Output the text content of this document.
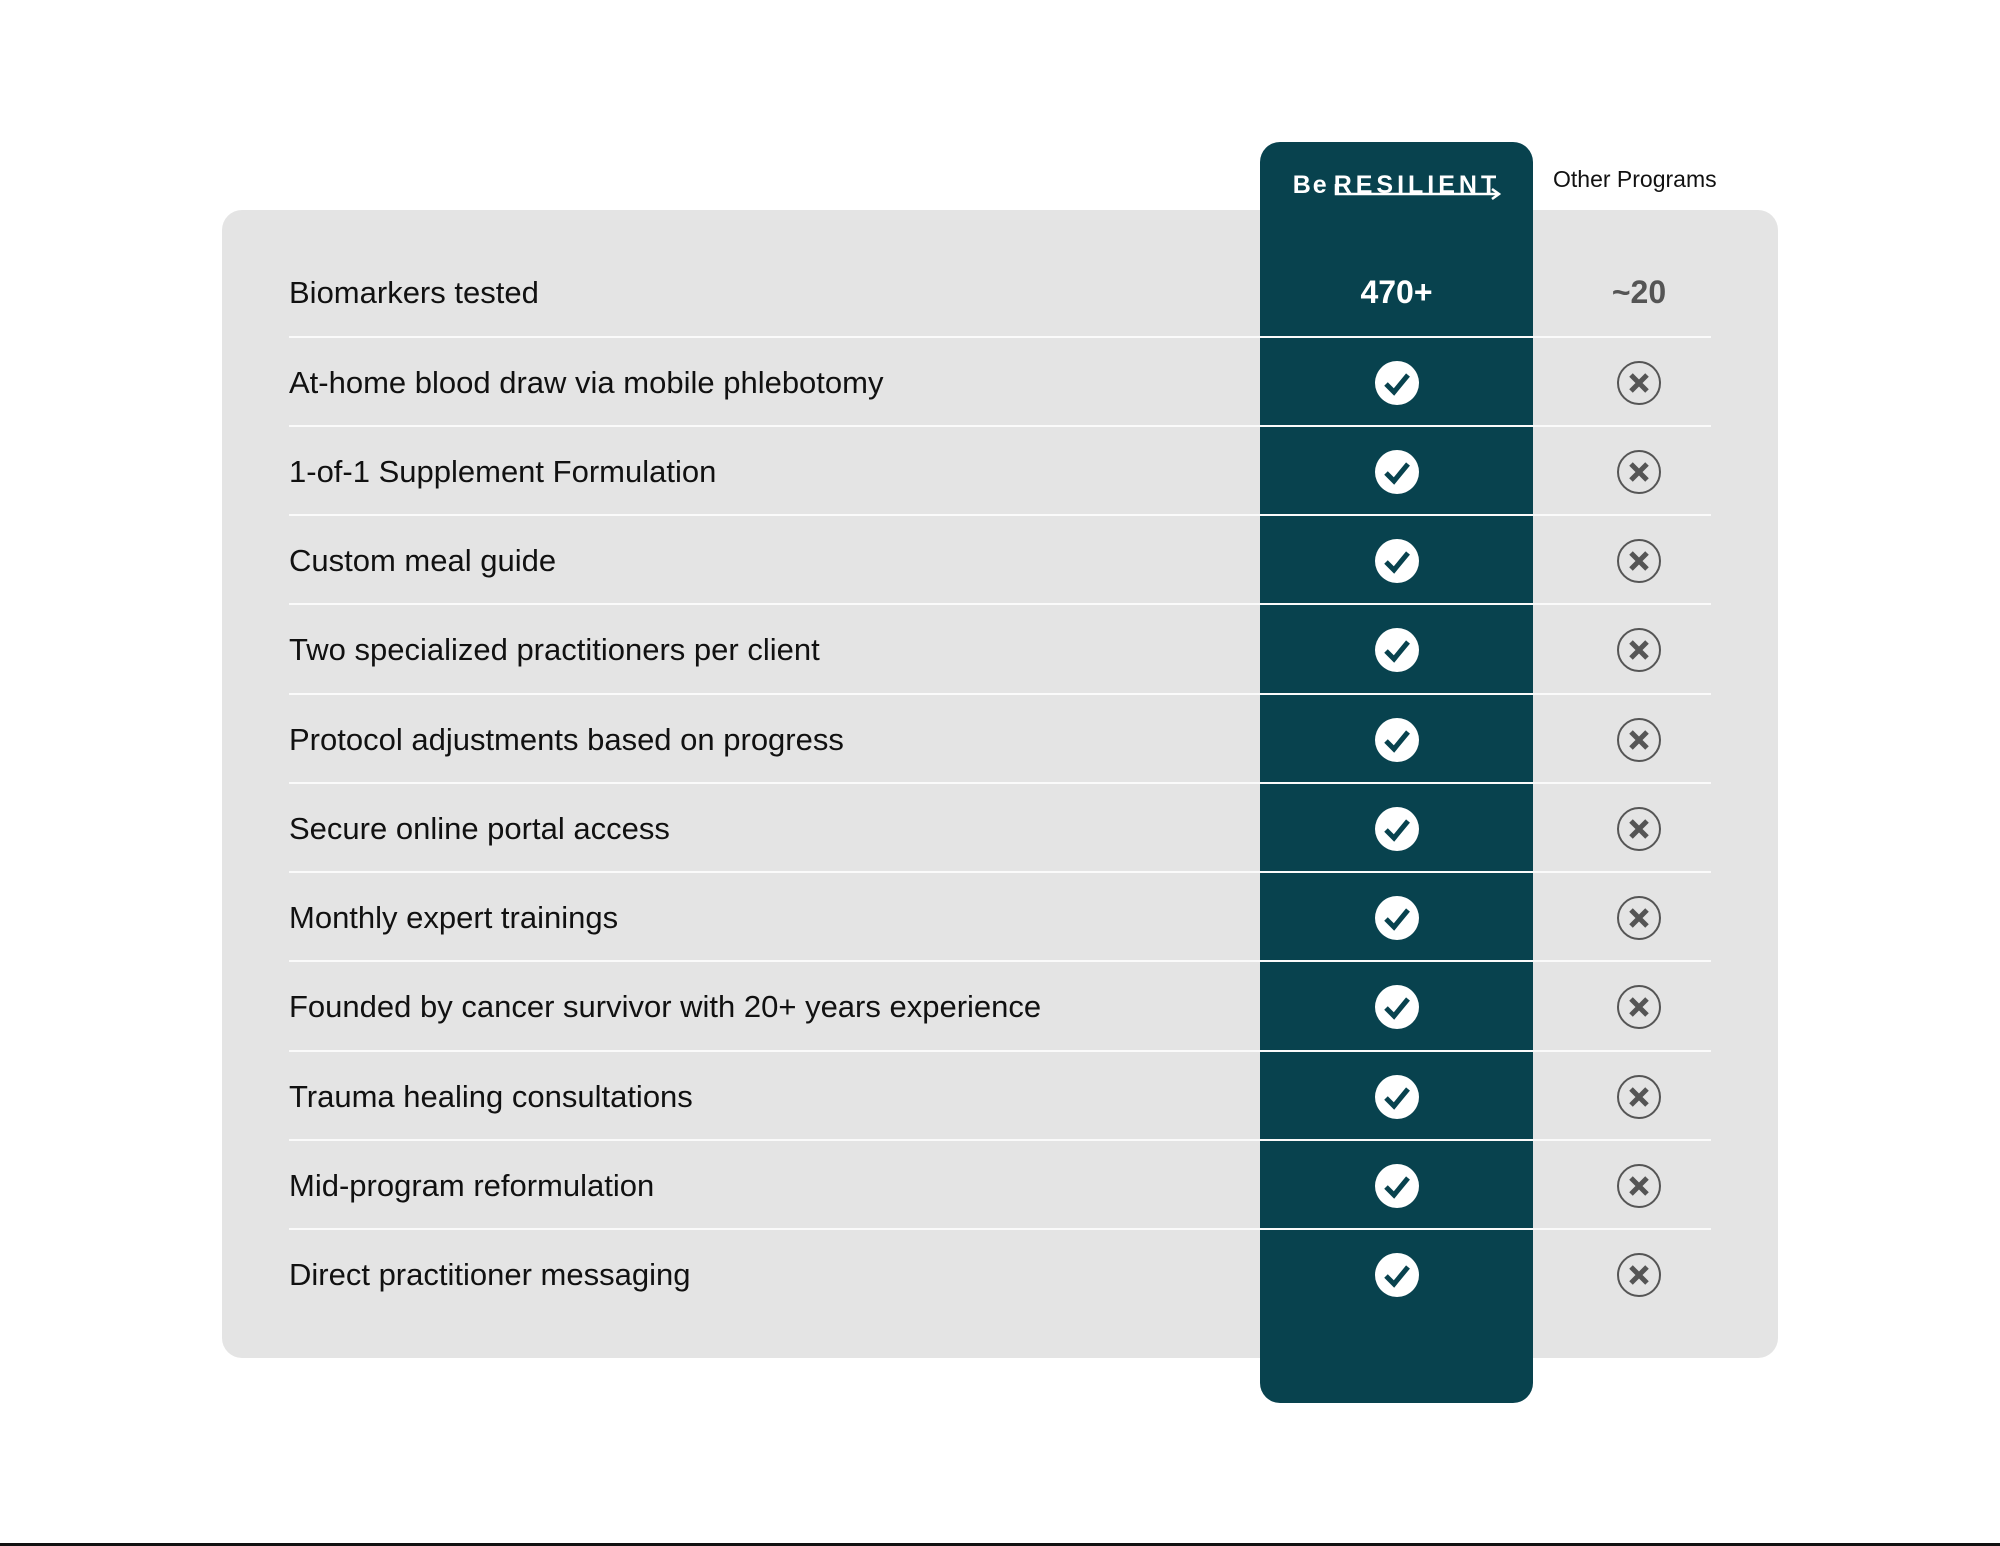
Be RESILIENT Other Programs
Biomarkers tested	470+	~20
At-home blood draw via mobile phlebotomy
1-of-1 Supplement Formulation
Custom meal guide
Two specialized practitioners per client
Protocol adjustments based on progress
Secure online portal access
Monthly expert trainings
Founded by cancer survivor with 20+ years experience
Trauma healing consultations
Mid-program reformulation
Direct practitioner messaging
